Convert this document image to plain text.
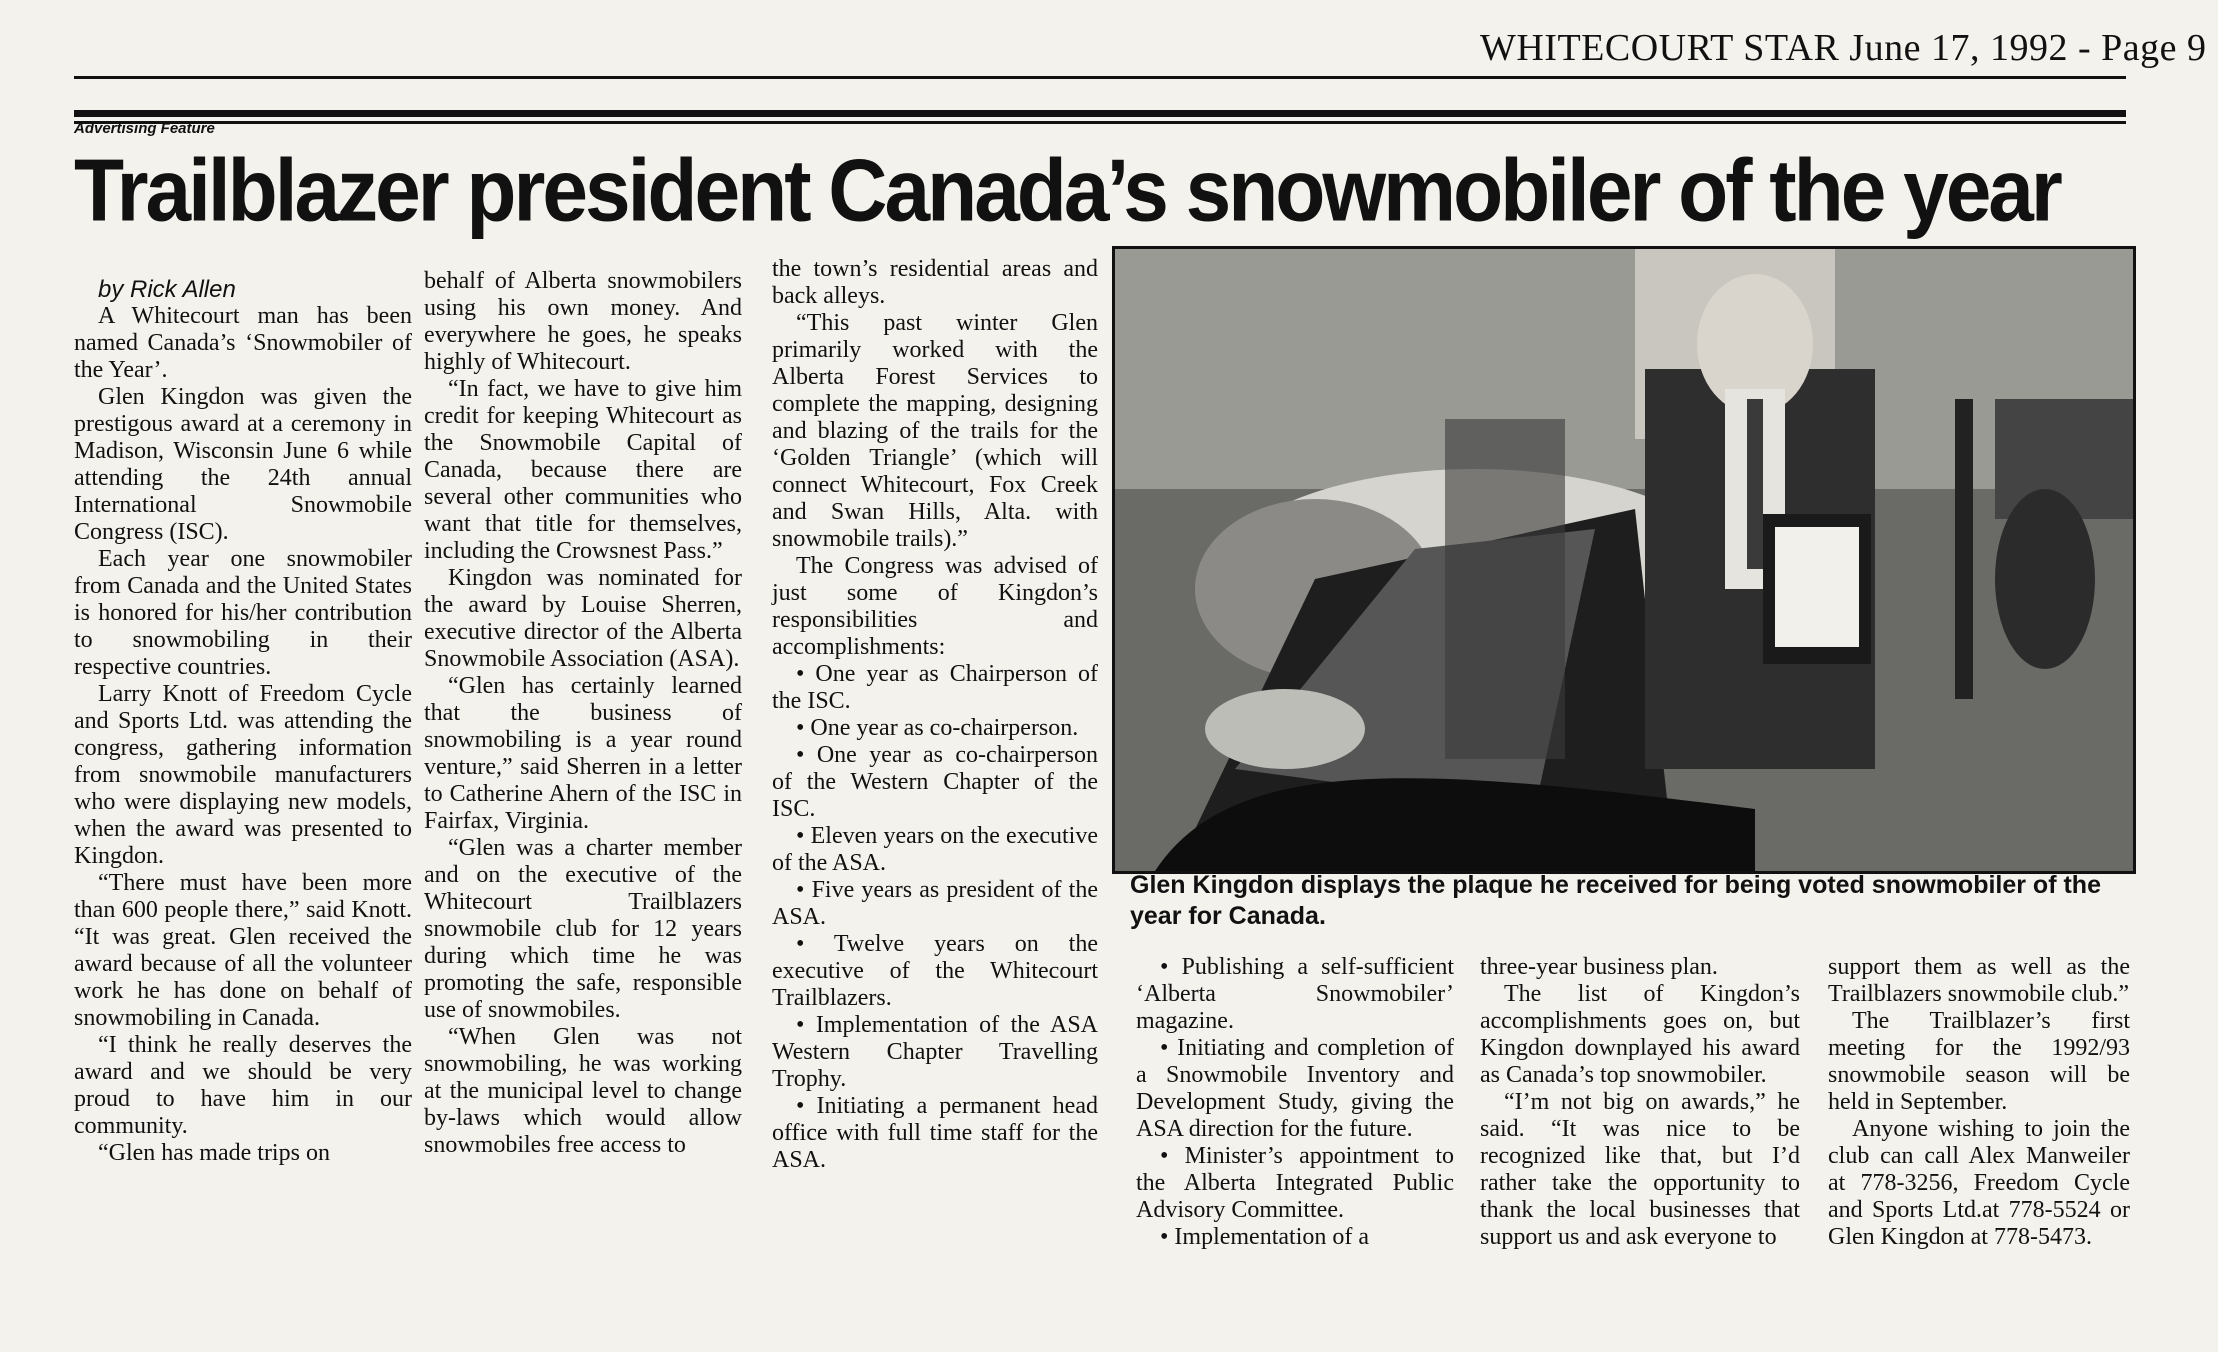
WHITECOURT STAR June 17, 1992 - Page 9
Advertising Feature
Trailblazer president Canada’s snowmobiler of the year

by Rick Allen

A Whitecourt man has been named Canada’s ‘Snowmobiler of the Year’.

Glen Kingdon was given the prestigous award at a ceremony in Madison, Wisconsin June 6 while attending the 24th annual International Snowmobile Congress (ISC).

Each year one snowmobiler from Canada and the United States is honored for his/her contribution to snowmobiling in their respective countries.

Larry Knott of Freedom Cycle and Sports Ltd. was attending the congress, gathering information from snowmobile manufacturers who were displaying new models, when the award was presented to Kingdon.

“There must have been more than 600 people there,” said Knott. “It was great. Glen received the award because of all the volunteer work he has done on behalf of snowmobiling in Canada.

“I think he really deserves the award and we should be very proud to have him in our community.

“Glen has made trips on

behalf of Alberta snowmobilers using his own money. And everywhere he goes, he speaks highly of Whitecourt.

“In fact, we have to give him credit for keeping Whitecourt as the Snowmobile Capital of Canada, because there are several other communities who want that title for themselves, including the Crowsnest Pass.”

Kingdon was nominated for the award by Louise Sherren, executive director of the Alberta Snowmobile Association (ASA).

“Glen has certainly learned that the business of snowmobiling is a year round venture,” said Sherren in a letter to Catherine Ahern of the ISC in Fairfax, Virginia.

“Glen was a charter member and on the executive of the Whitecourt Trailblazers snowmobile club for 12 years during which time he was promoting the safe, responsible use of snowmobiles.

“When Glen was not snowmobiling, he was working at the municipal level to change by-laws which would allow snowmobiles free access to

the town’s residential areas and back alleys.

“This past winter Glen primarily worked with the Alberta Forest Services to complete the mapping, designing and blazing of the trails for the ‘Golden Triangle’ (which will connect Whitecourt, Fox Creek and Swan Hills, Alta. with snowmobile trails).”

The Congress was advised of just some of Kingdon’s responsibilities and accomplishments:

• One year as Chairperson of the ISC.

• One year as co-chairperson.

• One year as co-chairperson of the Western Chapter of the ISC.

• Eleven years on the executive of the ASA.

• Five years as president of the ASA.

• Twelve years on the executive of the Whitecourt Trailblazers.

• Implementation of the ASA Western Chapter Travelling Trophy.

• Initiating a permanent head office with full time staff for the ASA.

Glen Kingdon displays the plaque he received for being voted snowmobiler of the year for Canada.

• Publishing a self-sufficient ‘Alberta Snowmobiler’ magazine.

• Initiating and completion of a Snowmobile Inventory and Development Study, giving the ASA direction for the future.

• Minister’s appointment to the Alberta Integrated Public Advisory Committee.

• Implementation of a

three-year business plan.

The list of Kingdon’s accomplishments goes on, but Kingdon downplayed his award as Canada’s top snowmobiler.

“I’m not big on awards,” he said. “It was nice to be recognized like that, but I’d rather take the opportunity to thank the local businesses that support us and ask everyone to

support them as well as the Trailblazers snowmobile club.”

The Trailblazer’s first meeting for the 1992/93 snowmobile season will be held in September.

Anyone wishing to join the club can call Alex Manweiler at 778-3256, Freedom Cycle and Sports Ltd.at 778-5524 or Glen Kingdon at 778-5473.
